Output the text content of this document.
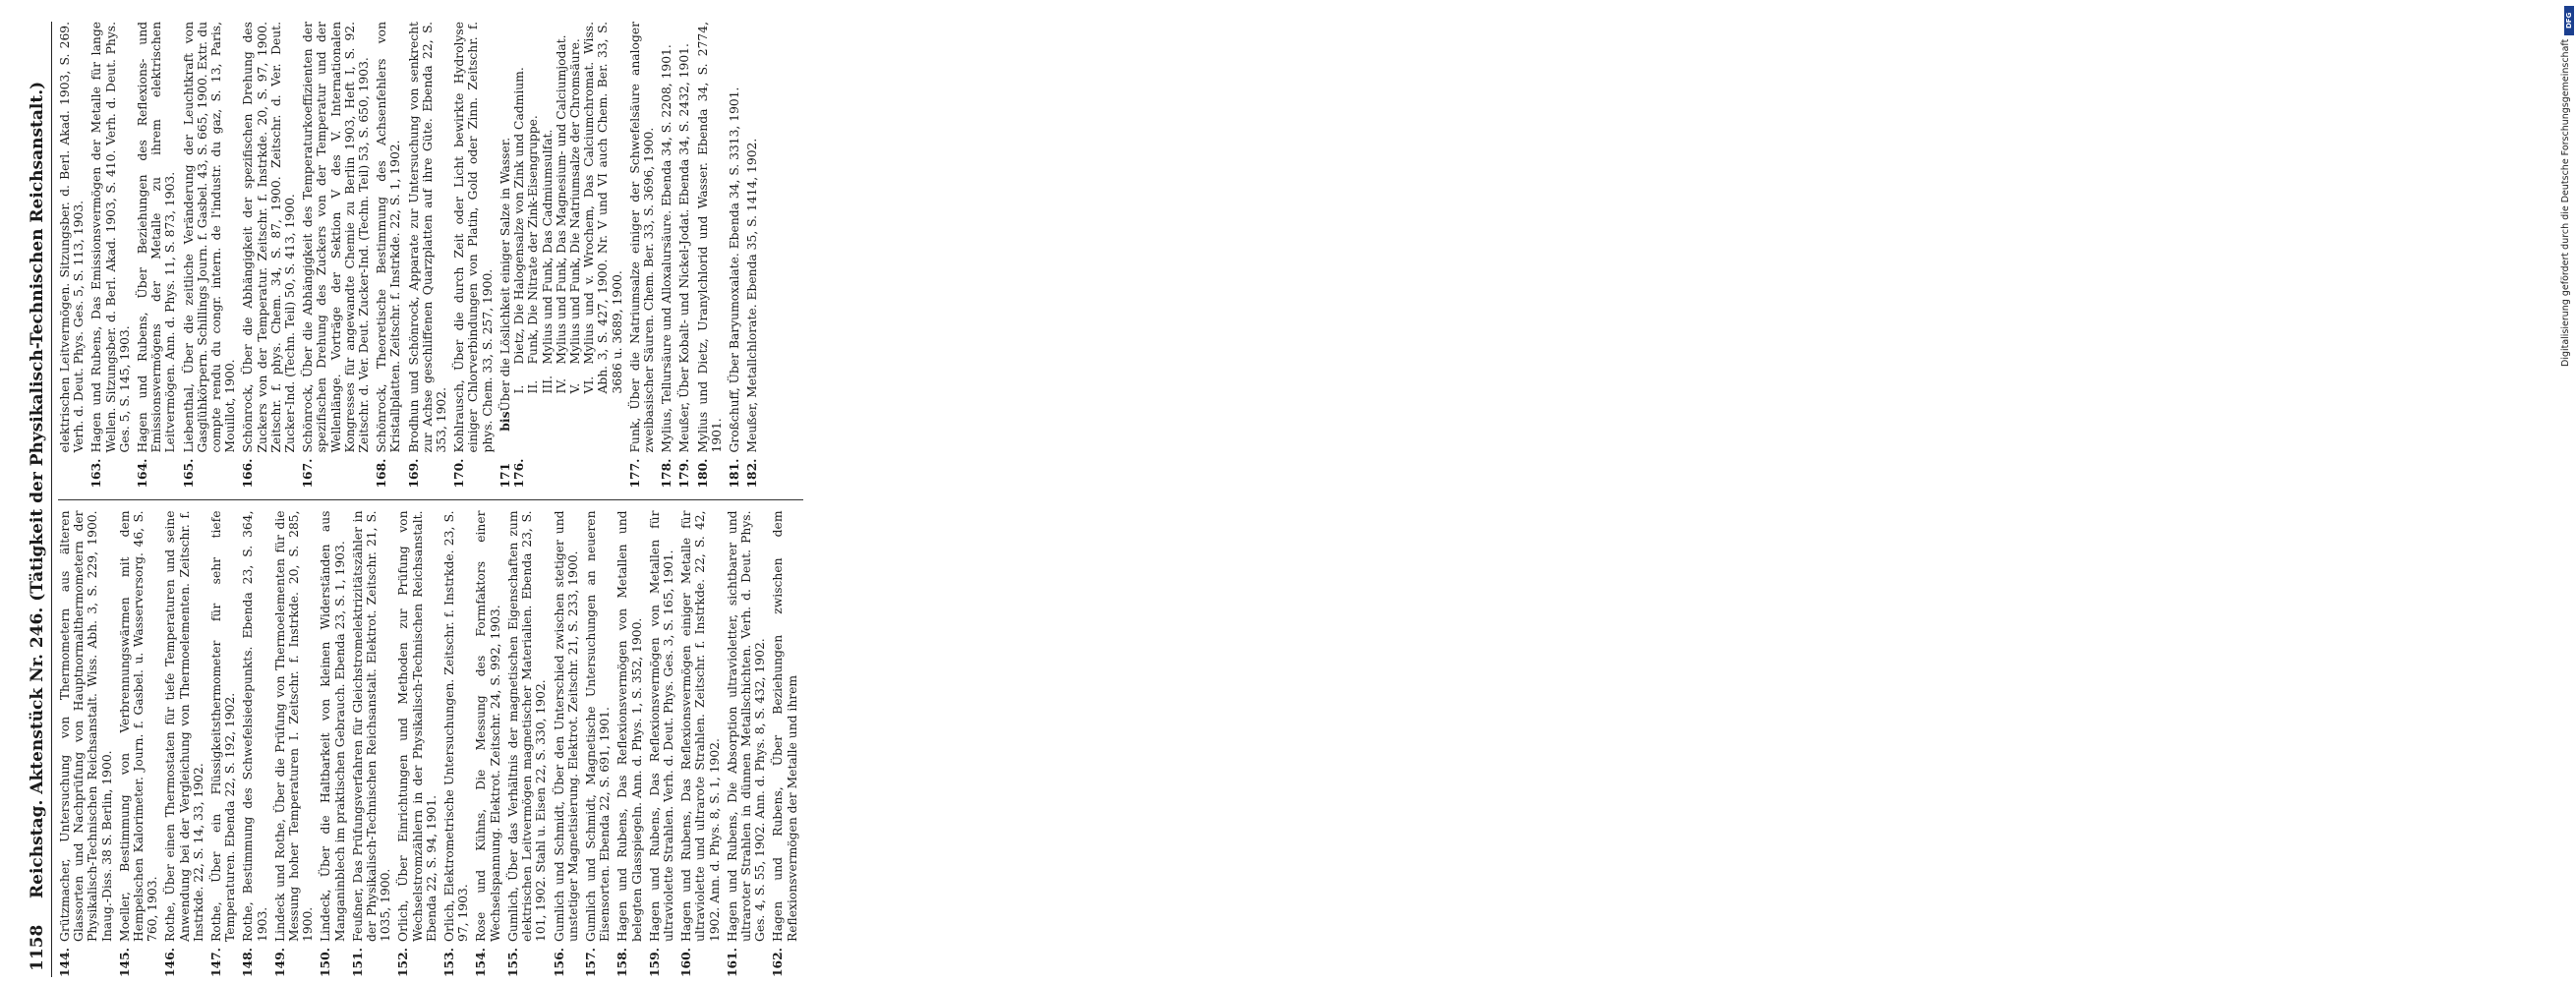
1158
Reichstag. Aktenstück Nr. 246. (Tätigkeit der Physikalisch-Technischen Reichsanstalt.)
144.
Grützmacher, Untersuchung von Thermometern aus älteren Glassorten und Nachprüfung von Hauptnormalthermometern der Physikalisch-Technischen Reichsanstalt. Wiss. Abh. 3, S. 229, 1900. Inaug.-Diss. 38 S. Berlin, 1900.
145.
Moeller, Bestimmung von Verbrennungswärmen mit dem Hempelschen Kalorimeter. Journ. f. Gasbel. u. Wasserversorg. 46, S. 760, 1903.
146.
Rothe, Über einen Thermostaten für tiefe Temperaturen und seine Anwendung bei der Vergleichung von Thermoelementen. Zeitschr. f. Instrkde. 22, S. 14, 33, 1902.
147.
Rothe, Über ein Flüssigkeitsthermometer für sehr tiefe Temperaturen. Ebenda 22, S. 192, 1902.
148.
Rothe, Bestimmung des Schwefelsiedepunkts. Ebenda 23, S. 364, 1903.
149.
Lindeck und Rothe, Über die Prüfung von Thermoelementen für die Messung hoher Temperaturen I. Zeitschr. f. Instrkde. 20, S. 285, 1900.
150.
Lindeck, Über die Haltbarkeit von kleinen Widerständen aus Manganinblech im praktischen Gebrauch. Ebenda 23, S. 1, 1903.
151.
Feußner, Das Prüfungsverfahren für Gleichstromelektrizitätszähler in der Physikalisch-Technischen Reichsanstalt. Elektrot. Zeitschr. 21, S. 1035, 1900.
152.
Orlich, Über Einrichtungen und Methoden zur Prüfung von Wechselstromzählern in der Physikalisch-Technischen Reichsanstalt. Ebenda 22, S. 94, 1901.
153.
Orlich, Elektrometrische Untersuchungen. Zeitschr. f. Instrkde. 23, S. 97, 1903.
154.
Rose und Kühns, Die Messung des Formfaktors einer Wechselspannung. Elektrot. Zeitschr. 24, S. 992, 1903.
155.
Gumlich, Über das Verhältnis der magnetischen Eigenschaften zum elektrischen Leitvermögen magnetischer Materialien. Ebenda 23, S. 101, 1902. Stahl u. Eisen 22, S. 330, 1902.
156.
Gumlich und Schmidt, Über den Unterschied zwischen stetiger und unstetiger Magnetisierung. Elektrot. Zeitschr. 21, S. 233, 1900.
157.
Gumlich und Schmidt, Magnetische Untersuchungen an neueren Eisensorten. Ebenda 22, S. 691, 1901.
158.
Hagen und Rubens, Das Reflexionsvermögen von Metallen und belegten Glasspiegeln. Ann. d. Phys. 1, S. 352, 1900.
159.
Hagen und Rubens, Das Reflexionsvermögen von Metallen für ultraviolette Strahlen. Verh. d. Deut. Phys. Ges. 3, S. 165, 1901.
160.
Hagen und Rubens, Das Reflexionsvermögen einiger Metalle für ultraviolette und ultrarote Strahlen. Zeitschr. f. Instrkde. 22, S. 42, 1902. Ann. d. Phys. 8, S. 1, 1902.
161.
Hagen und Rubens, Die Absorption ultravioletter, sichtbarer und ultraroter Strahlen in dünnen Metallschichten. Verh. d. Deut. Phys. Ges. 4, S. 55, 1902. Ann. d. Phys. 8, S. 432, 1902.
162.
Hagen und Rubens, Über Beziehungen zwischen dem Reflexionsvermögen der Metalle und ihrem
elektrischen Leitvermögen. Sitzungsber. d. Berl. Akad. 1903, S. 269. Verh. d. Deut. Phys. Ges. 5, S. 113, 1903.
163.
Hagen und Rubens, Das Emissionsvermögen der Metalle für lange Wellen. Sitzungsber. d. Berl. Akad. 1903, S. 410. Verh. d. Deut. Phys. Ges. 5, S. 145, 1903.
164.
Hagen und Rubens, Über Beziehungen des Reflexions- und Emissionsvermögens der Metalle zu ihrem elektrischen Leitvermögen. Ann. d. Phys. 11, S. 873, 1903.
165.
Liebenthal, Über die zeitliche Veränderung der Leuchtkraft von Gasglühkörpern. Schillings Journ. f. Gasbel. 43, S. 665, 1900. Extr. du compte rendu du congr. intern. de l'industr. du gaz, S. 13, Paris, Mouillot, 1900.
166.
Schönrock, Über die Abhängigkeit der spezifischen Drehung des Zuckers von der Temperatur. Zeitschr. f. Instrkde. 20, S. 97, 1900. Zeitschr. f. phys. Chem. 34, S. 87, 1900. Zeitschr. d. Ver. Deut. Zucker-Ind. (Techn. Teil) 50, S. 413, 1900.
167.
Schönrock, Über die Abhängigkeit des Temperaturkoeffizienten der spezifischen Drehung des Zuckers von der Temperatur und der Wellenlänge. Vorträge der Sektion V des V. Internationalen Kongresses für angewandte Chemie zu Berlin 1903, Heft I, S. 92. Zeitschr. d. Ver. Deut. Zucker-Ind. (Techn. Teil) 53, S. 650, 1903.
168.
Schönrock, Theoretische Bestimmung des Achsenfehlers von Kristallplatten. Zeitschr. f. Instrkde. 22, S. 1, 1902.
169.
Brodhun und Schönrock, Apparate zur Untersuchung von senkrecht zur Achse geschliffenen Quarzplatten auf ihre Güte. Ebenda 22, S. 353, 1902.
170.
Kohlrausch, Über die durch Zeit oder Licht bewirkte Hydrolyse einiger Chlorverbindungen von Platin, Gold oder Zinn. Zeitschr. f. phys. Chem. 33, S. 257, 1900. 171 bis 176.
Über die Löslichkeit einiger Salze in Wasser. I.Dietz, Die Halogensalze von Zink und Cadmium.
II.Funk, Die Nitrate der Zink-Eisengruppe.
III.Mylius und Funk, Das Cadmiumsulfat.
IV.Mylius und Funk, Das Magnesium- und Calciumjodat.
V.Mylius und Funk, Die Natriumsalze der Chromsäure.
VI.Mylius und v. Wrochem, Das Calciumchromat. Wiss. Abh. 3, S. 427, 1900. Nr. V und VI auch Chem. Ber. 33, S. 3686 u. 3689, 1900.
177.
Funk, Über die Natriumsalze einiger der Schwefelsäure analoger zweibasischer Säuren. Chem. Ber. 33, S. 3696, 1900.
178.
Mylius, Tellursäure und Alloxalursäure. Ebenda 34, S. 2208, 1901.
179.
Meußer, Über Kobalt- und Nickel-Jodat. Ebenda 34, S. 2432, 1901.
180.
Mylius und Dietz, Uranylchlorid und Wasser. Ebenda 34, S. 2774, 1901.
181.
Großchuff, Über Baryumoxalate. Ebenda 34, S. 3313, 1901.
182.
Meußer, Metallchlorate. Ebenda 35, S. 1414, 1902.
DFG
Digitalisierung gefördert durch die Deutsche Forschungsgemeinschaft
